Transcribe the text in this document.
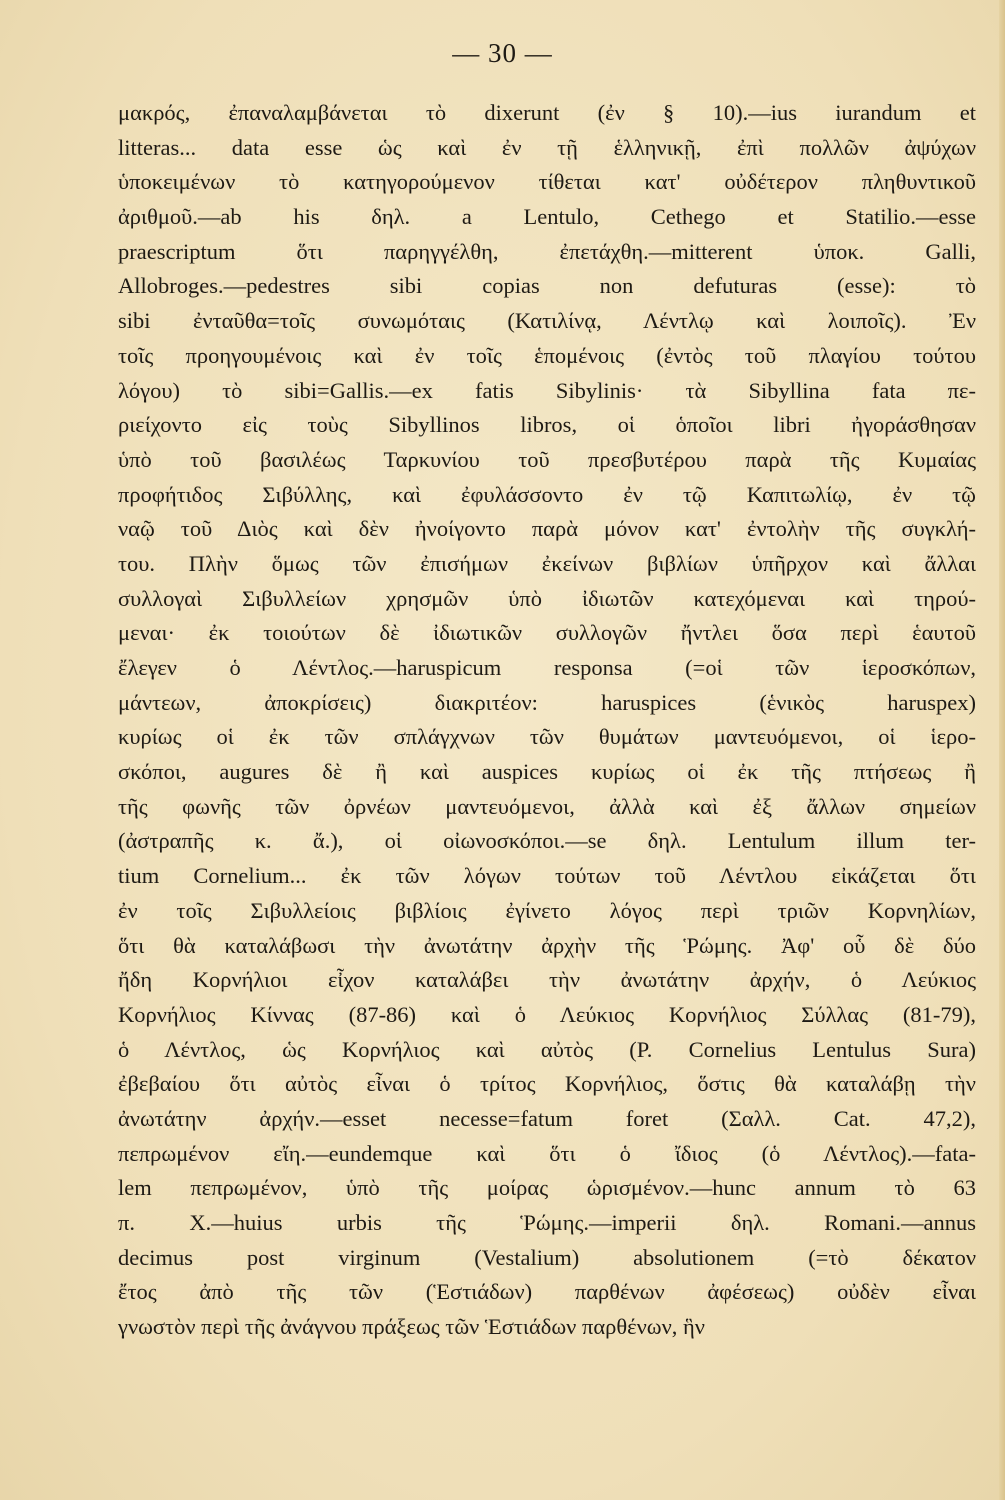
— 30 —
μακρός, ἐπαναλαμβάνεται τὸ dixerunt (ἐν § 10).—ius iurandum et
litteras... data esse ὡς καὶ ἐν τῇ ἑλληνικῇ, ἐπὶ πολλῶν ἀψύχων
ὑποκειμένων τὸ κατηγορούμενον τίθεται κατ' οὐδέτερον πληθυντικοῦ
ἀριθμοῦ.—ab his δηλ. a Lentulo, Cethego et Statilio.—esse
praescriptum ὅτι παρηγγέλθη, ἐπετάχθη.—mitterent ὑποκ. Galli,
Allobroges.—pedestres sibi copias non defuturas (esse): τὸ
sibi ἐνταῦθα=τοῖς συνωμόταις (Κατιλίνᾳ, Λέντλῳ καὶ λοιποῖς). Ἐν
τοῖς προηγουμένοις καὶ ἐν τοῖς ἑπομένοις (ἐντὸς τοῦ πλαγίου τούτου
λόγου) τὸ sibi=Gallis.—ex fatis Sibylinis· τὰ Sibyllina fata πε-
ριείχοντο εἰς τοὺς Sibyllinos libros, οἱ ὁποῖοι libri ἠγοράσθησαν
ὑπὸ τοῦ βασιλέως Ταρκυνίου τοῦ πρεσβυτέρου παρὰ τῆς Κυμαίας
προφήτιδος Σιβύλλης, καὶ ἐφυλάσσοντο ἐν τῷ Καπιτωλίῳ, ἐν τῷ
ναῷ τοῦ Διὸς καὶ δὲν ἠνοίγοντο παρὰ μόνον κατ' ἐντολὴν τῆς συγκλή-
του. Πλὴν ὅμως τῶν ἐπισήμων ἐκείνων βιβλίων ὑπῆρχον καὶ ἄλλαι
συλλογαὶ Σιβυλλείων χρησμῶν ὑπὸ ἰδιωτῶν κατεχόμεναι καὶ τηρού-
μεναι· ἐκ τοιούτων δὲ ἰδιωτικῶν συλλογῶν ἤντλει ὅσα περὶ ἑαυτοῦ
ἔλεγεν ὁ Λέντλος.—haruspicum responsa (=οἱ τῶν ἱεροσκόπων,
μάντεων, ἀποκρίσεις) διακριτέον: haruspices (ἑνικὸς haruspex)
κυρίως οἱ ἐκ τῶν σπλάγχνων τῶν θυμάτων μαντευόμενοι, οἱ ἱερο-
σκόποι, augures δὲ ἢ καὶ auspices κυρίως οἱ ἐκ τῆς πτήσεως ἢ
τῆς φωνῆς τῶν ὀρνέων μαντευόμενοι, ἀλλὰ καὶ ἐξ ἄλλων σημείων
(ἀστραπῆς κ. ἄ.), οἱ οἰωνοσκόποι.—se δηλ. Lentulum illum ter-
tium Cornelium... ἐκ τῶν λόγων τούτων τοῦ Λέντλου εἰκάζεται ὅτι
ἐν τοῖς Σιβυλλείοις βιβλίοις ἐγίνετο λόγος περὶ τριῶν Κορνηλίων,
ὅτι θὰ καταλάβωσι τὴν ἀνωτάτην ἀρχὴν τῆς Ῥώμης. Ἀφ' οὗ δὲ δύο
ἤδη Κορνήλιοι εἶχον καταλάβει τὴν ἀνωτάτην ἀρχήν, ὁ Λεύκιος
Κορνήλιος Κίννας (87-86) καὶ ὁ Λεύκιος Κορνήλιος Σύλλας (81-79),
ὁ Λέντλος, ὡς Κορνήλιος καὶ αὐτὸς (P. Cornelius Lentulus Sura)
ἐβεβαίου ὅτι αὐτὸς εἶναι ὁ τρίτος Κορνήλιος, ὅστις θὰ καταλάβῃ τὴν
ἀνωτάτην ἀρχήν.—esset necesse=fatum foret (Σαλλ. Cat. 47,2),
πεπρωμένον εἴη.—eundemque καὶ ὅτι ὁ ἴδιος (ὁ Λέντλος).—fata-
lem πεπρωμένον, ὑπὸ τῆς μοίρας ὡρισμένον.—hunc annum τὸ 63
π. Χ.—huius urbis τῆς Ῥώμης.—imperii δηλ. Romani.—annus
decimus post virginum (Vestalium) absolutionem (=τὸ δέκατον
ἔτος ἀπὸ τῆς τῶν (Ἑστιάδων) παρθένων ἀφέσεως) οὐδὲν εἶναι
γνωστὸν περὶ τῆς ἀνάγνου πράξεως τῶν Ἑστιάδων παρθένων, ἣν
